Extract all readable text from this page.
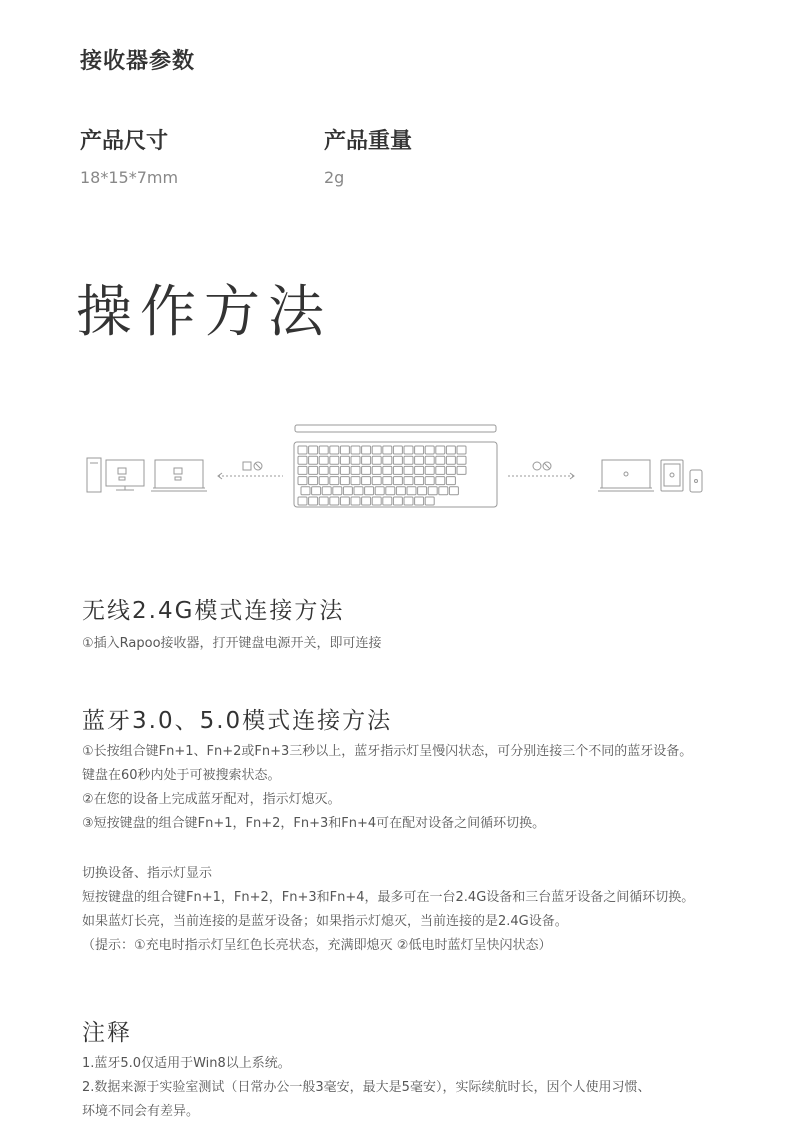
接收器参数
产品尺寸
18*15*7mm
产品重量
2g
操作方法
无线2.4G模式连接方法
①插入Rapoo接收器，打开键盘电源开关，即可连接
蓝牙3.0、5.0模式连接方法
①长按组合键Fn+1、Fn+2或Fn+3三秒以上，蓝牙指示灯呈慢闪状态，可分别连接三个不同的蓝牙设备。
键盘在60秒内处于可被搜索状态。
②在您的设备上完成蓝牙配对，指示灯熄灭。
③短按键盘的组合键Fn+1，Fn+2，Fn+3和Fn+4可在配对设备之间循环切换。
切换设备、指示灯显示
短按键盘的组合键Fn+1，Fn+2，Fn+3和Fn+4，最多可在一台2.4G设备和三台蓝牙设备之间循环切换。
如果蓝灯长亮，当前连接的是蓝牙设备；如果指示灯熄灭，当前连接的是2.4G设备。
（提示：①充电时指示灯呈红色长亮状态，充满即熄灭 ②低电时蓝灯呈快闪状态）
注释
1.蓝牙5.0仅适用于Win8以上系统。
2.数据来源于实验室测试（日常办公一般3毫安，最大是5毫安），实际续航时长，因个人使用习惯、
环境不同会有差异。
